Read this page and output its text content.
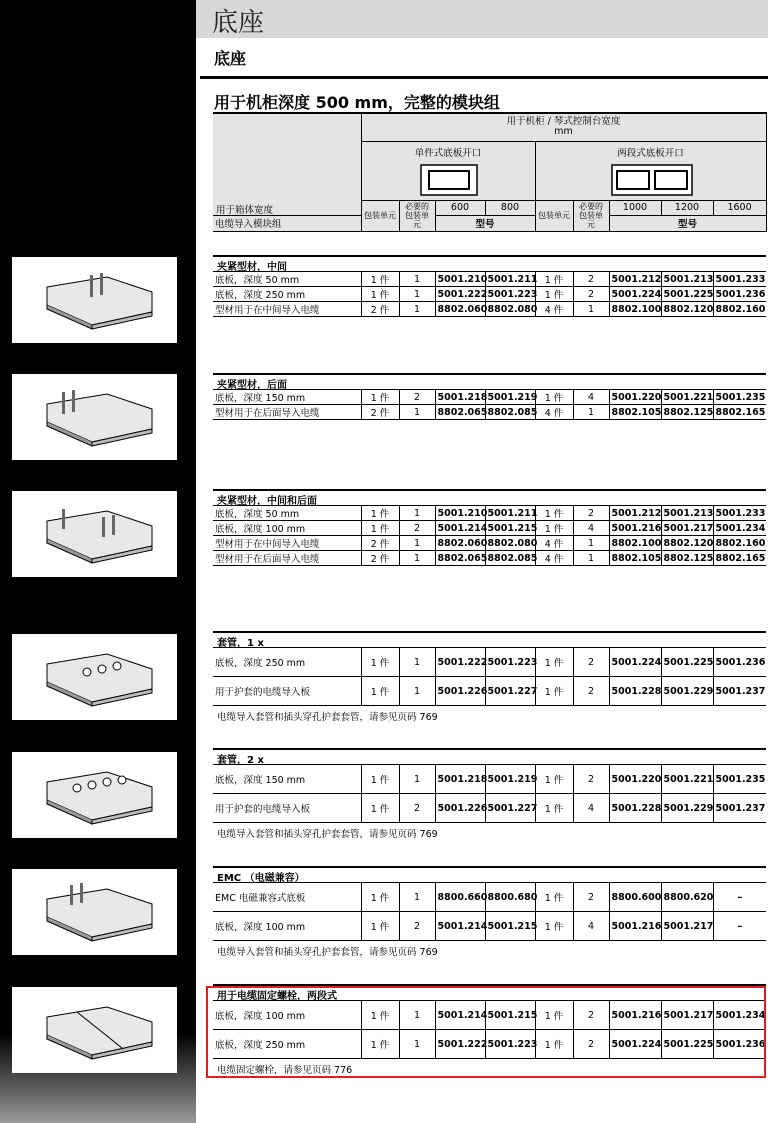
底座
底座
用于机柜深度 500 mm，完整的模块组

	用于机柜 / 琴式控制台宽度
mm								

	单件式底板开口				两段式底板开口				

	包装单元	必要的包装单元	600	800	包装单元	必要的包装单元	1000	1200	1600

用于箱体宽度
电缆导入模块组			型号				型号		
夹紧型材，中间
底板，深度 50 mm	1 件	1	5001.210	5001.211	1 件	2	5001.212	5001.213	5001.233
底板，深度 250 mm	1 件	1	5001.222	5001.223	1 件	2	5001.224	5001.225	5001.236
型材用于在中间导入电缆	2 件	1	8802.060	8802.080	4 件	1	8802.100	8802.120	8802.160
夹紧型材，后面
底板，深度 150 mm	1 件	2	5001.218	5001.219	1 件	4	5001.220	5001.221	5001.235
型材用于在后面导入电缆	2 件	1	8802.065	8802.085	4 件	1	8802.105	8802.125	8802.165
夹紧型材，中间和后面
底板，深度 50 mm	1 件	1	5001.210	5001.211	1 件	2	5001.212	5001.213	5001.233
底板，深度 100 mm	1 件	2	5001.214	5001.215	1 件	4	5001.216	5001.217	5001.234
型材用于在中间导入电缆	2 件	1	8802.060	8802.080	4 件	1	8802.100	8802.120	8802.160
型材用于在后面导入电缆	2 件	1	8802.065	8802.085	4 件	1	8802.105	8802.125	8802.165
套管，1 x
底板，深度 250 mm	1 件	1	5001.222	5001.223	1 件	2	5001.224	5001.225	5001.236
用于护套的电缆导入板	1 件	1	5001.226	5001.227	1 件	2	5001.228	5001.229	5001.237
电缆导入套管和插头穿孔护套套管，请参见页码 769
套管，2 x
底板，深度 150 mm	1 件	1	5001.218	5001.219	1 件	2	5001.220	5001.221	5001.235
用于护套的电缆导入板	1 件	2	5001.226	5001.227	1 件	4	5001.228	5001.229	5001.237
电缆导入套管和插头穿孔护套套管，请参见页码 769
EMC （电磁兼容）
EMC 电磁兼容式底板	1 件	1	8800.660	8800.680	1 件	2	8800.600	8800.620	–
底板，深度 100 mm	1 件	2	5001.214	5001.215	1 件	4	5001.216	5001.217	–
电缆导入套管和插头穿孔护套套管，请参见页码 769
用于电缆固定螺栓，两段式
底板，深度 100 mm	1 件	1	5001.214	5001.215	1 件	2	5001.216	5001.217	5001.234
底板，深度 250 mm	1 件	1	5001.222	5001.223	1 件	2	5001.224	5001.225	5001.236
电缆固定螺栓，请参见页码 776
